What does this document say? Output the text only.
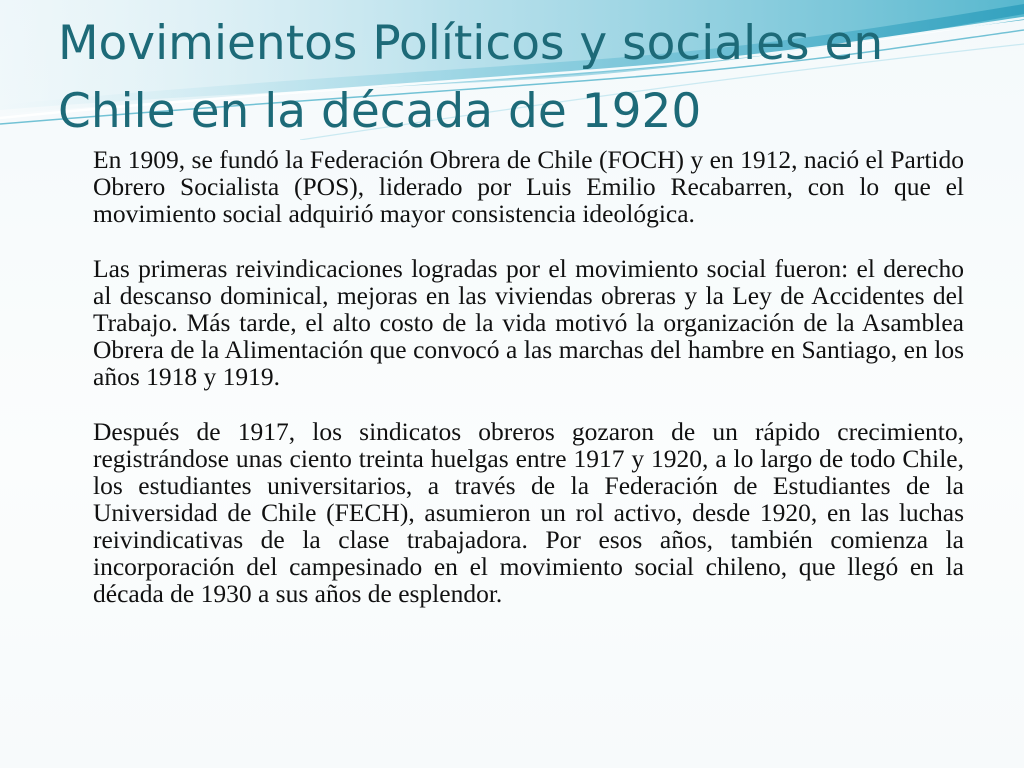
Movimientos Políticos y sociales en Chile en la década de 1920

En 1909, se fundó la Federación Obrera de Chile (FOCH) y en 1912, nació el Partido Obrero Socialista (POS), liderado por Luis Emilio Recabarren, con lo que el movimiento social adquirió mayor consistencia ideológica.

Las primeras reivindicaciones logradas por el movimiento social fueron: el derecho al descanso dominical, mejoras en las viviendas obreras y la Ley de Accidentes del Trabajo. Más tarde, el alto costo de la vida motivó la organización de la Asamblea Obrera de la Alimentación que convocó a las marchas del hambre en Santiago, en los años 1918 y 1919.

Después de 1917, los sindicatos obreros gozaron de un rápido crecimiento, registrándose unas ciento treinta huelgas entre 1917 y 1920, a lo largo de todo Chile, los estudiantes universitarios, a través de la Federación de Estudiantes de la Universidad de Chile (FECH), asumieron un rol activo, desde 1920, en las luchas reivindicativas de la clase trabajadora. Por esos años, también comienza la incorporación del campesinado en el movimiento social chileno, que llegó en la década de 1930 a sus años de esplendor.
